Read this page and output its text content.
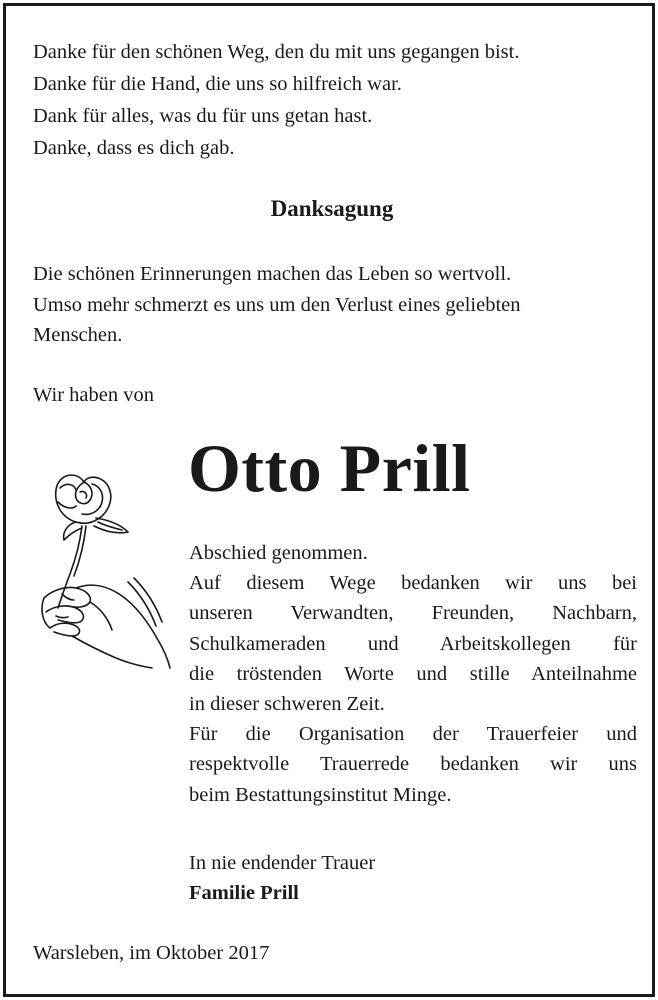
Danke für den schönen Weg, den du mit uns gegangen bist.
Danke für die Hand, die uns so hilfreich war.
Dank für alles, was du für uns getan hast.
Danke, dass es dich gab.
Danksagung
Die schönen Erinnerungen machen das Leben so wertvoll.
Umso mehr schmerzt es uns um den Verlust eines geliebten
Menschen.
Wir haben von
Otto Prill
Abschied genommen.
Auf diesem Wege bedanken wir uns bei
unseren Verwandten, Freunden, Nachbarn,
Schulkameraden und Arbeitskollegen für
die tröstenden Worte und stille Anteilnahme
in dieser schweren Zeit.
Für die Organisation der Trauerfeier und
respektvolle Trauerrede bedanken wir uns
beim Bestattungsinstitut Minge.
In nie endender Trauer
Familie Prill
Warsleben, im Oktober 2017
